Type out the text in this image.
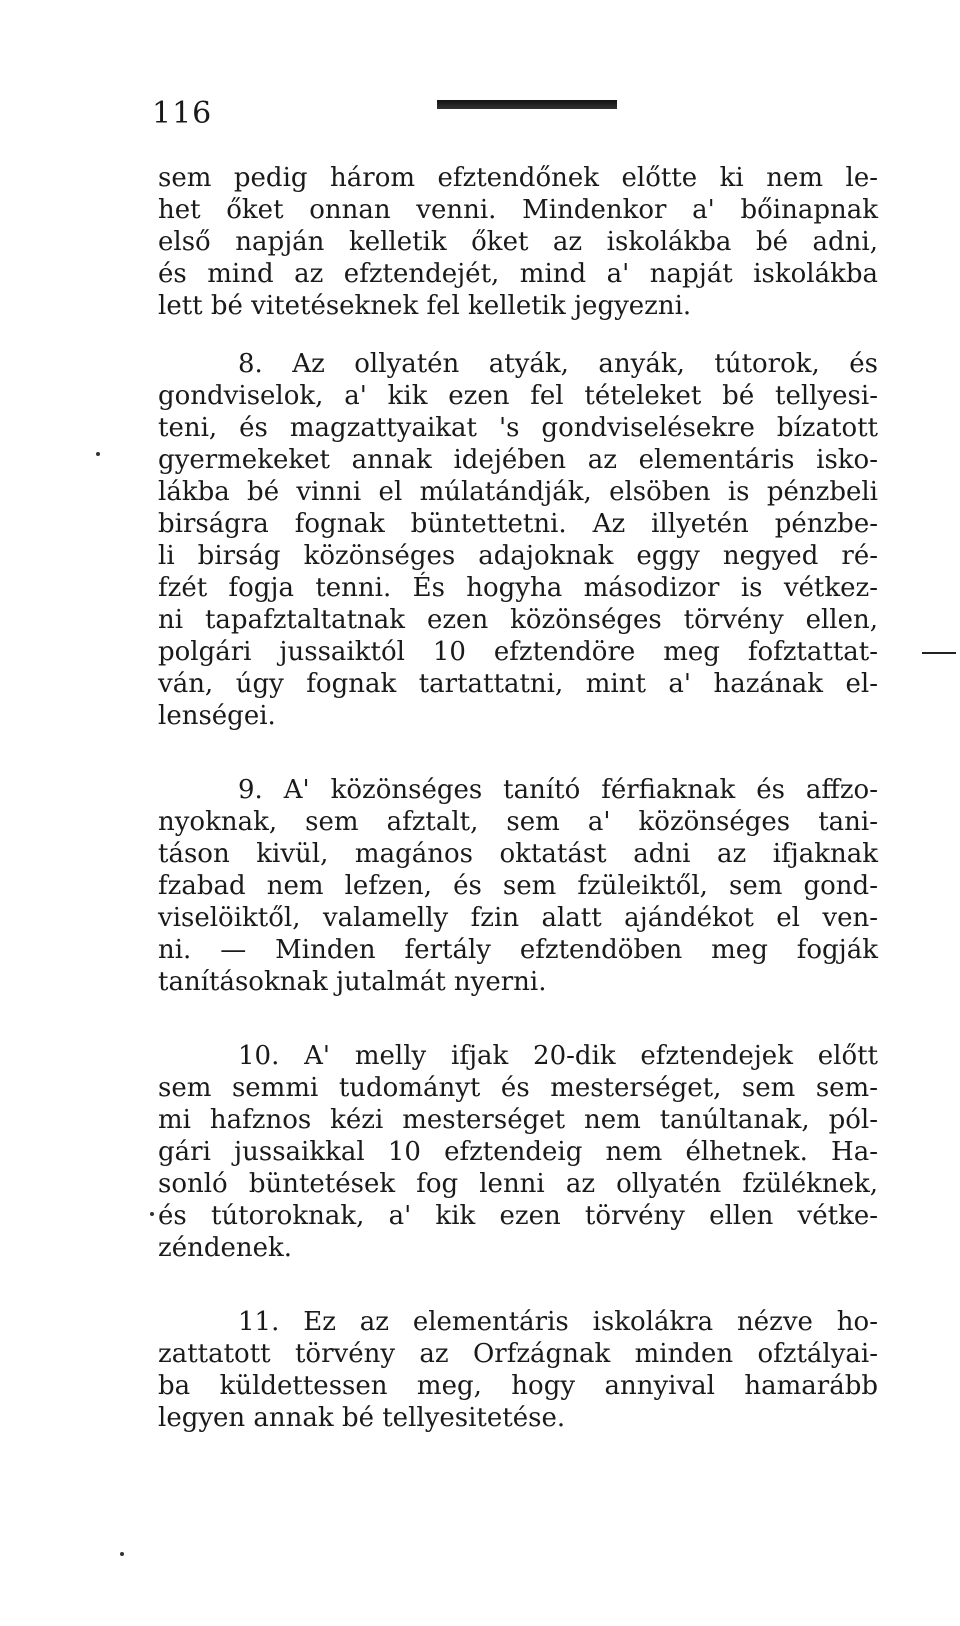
116
sem pedig három efztendőnek előtte ki nem le-
het őket onnan venni. Mindenkor a' bőinapnak
első napján kelletik őket az iskolákba bé adni,
és mind az efztendejét, mind a' napját iskolákba
lett bé vitetéseknek fel kelletik jegyezni.
8. Az ollyatén atyák, anyák, tútorok, és
gondviselok, a' kik ezen fel tételeket bé tellyesi-
teni, és magzattyaikat 's gondviselésekre bízatott
gyermekeket annak idejében az elementáris isko-
lákba bé vinni el múlatándják, elsöben is pénzbeli
birságra fognak büntettetni. Az illyetén pénzbe-
li birság közönséges adajoknak eggy negyed ré-
fzét fogja tenni. És hogyha másodizor is vétkez-
ni tapafztaltatnak ezen közönséges törvény ellen,
polgári jussaiktól 10 efztendöre meg fofztattat-
ván, úgy fognak tartattatni, mint a' hazának el-
lenségei.
9. A' közönséges tanító férfiaknak és affzo-
nyoknak, sem afztalt, sem a' közönséges tani-
táson kivül, magános oktatást adni az ifjaknak
fzabad nem lefzen, és sem fzüleiktől, sem gond-
viselöiktől, valamelly fzin alatt ajándékot el ven-
ni. — Minden fertály efztendöben meg fogják
tanításoknak jutalmát nyerni.
10. A' melly ifjak 20-dik efztendejek előtt
sem semmi tudományt és mesterséget, sem sem-
mi hafznos kézi mesterséget nem tanúltanak, pól-
gári jussaikkal 10 efztendeig nem élhetnek. Ha-
sonló büntetések fog lenni az ollyatén fzüléknek,
és tútoroknak, a' kik ezen törvény ellen vétke-
zéndenek.
11. Ez az elementáris iskolákra nézve ho-
zattatott törvény az Orfzágnak minden ofztályai-
ba küldettessen meg, hogy annyival hamarább
legyen annak bé tellyesitetése.
